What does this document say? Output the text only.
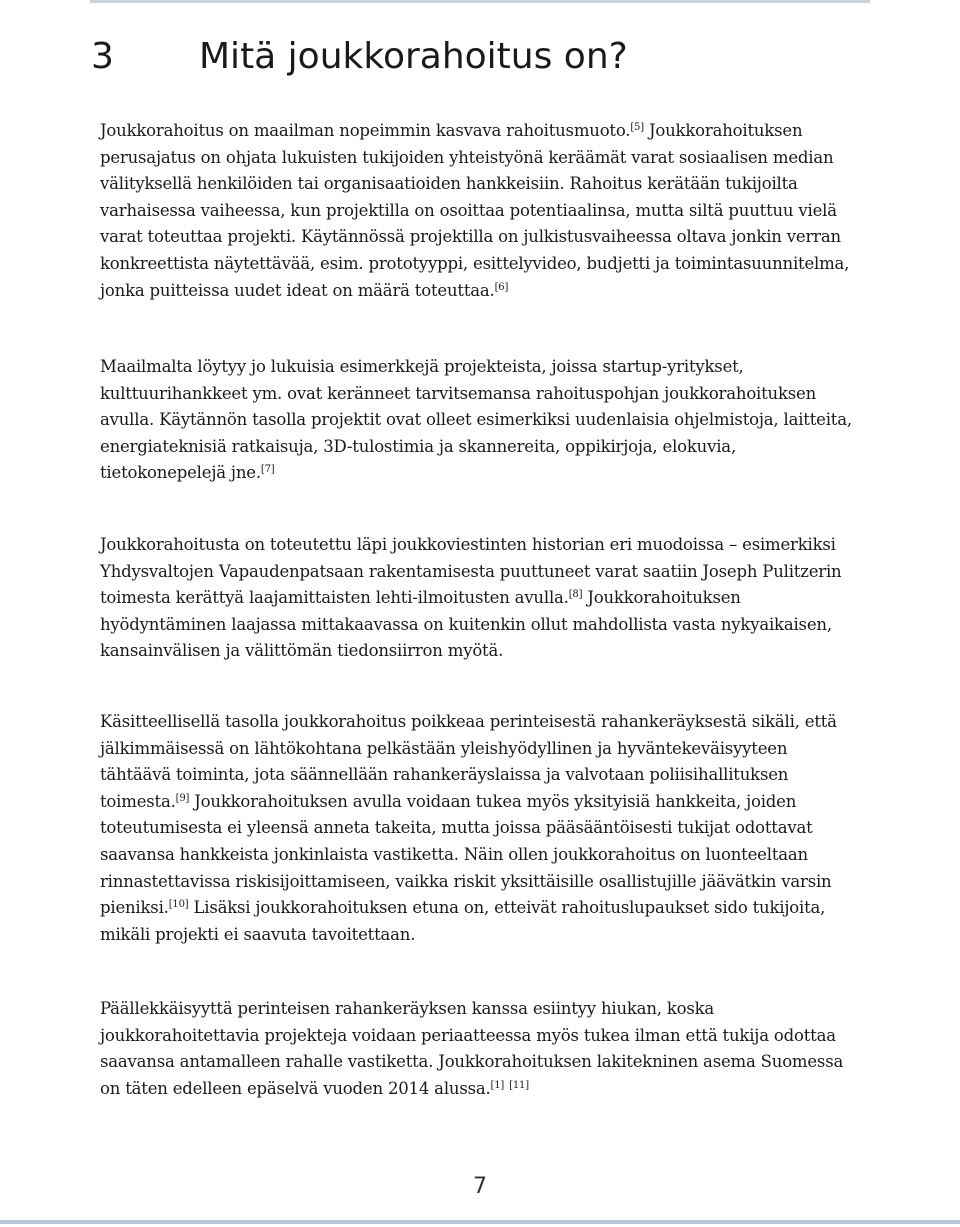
3 Mitä joukkorahoitus on?
Joukkorahoitus on maailman nopeimmin kasvava rahoitusmuoto.[5] Joukkorahoituksen
perusajatus on ohjata lukuisten tukijoiden yhteistyönä keräämät varat sosiaalisen median
välityksellä henkilöiden tai organisaatioiden hankkeisiin. Rahoitus kerätään tukijoilta
varhaisessa vaiheessa, kun projektilla on osoittaa potentiaalinsa, mutta siltä puuttuu vielä
varat toteuttaa projekti. Käytännössä projektilla on julkistusvaiheessa oltava jonkin verran
konkreettista näytettävää, esim. prototyyppi, esittelyvideo, budjetti ja toimintasuunnitelma,
jonka puitteissa uudet ideat on määrä toteuttaa.[6]
Maailmalta löytyy jo lukuisia esimerkkejä projekteista, joissa startup-yritykset,
kulttuurihankkeet ym. ovat keränneet tarvitsemansa rahoituspohjan joukkorahoituksen
avulla. Käytännön tasolla projektit ovat olleet esimerkiksi uudenlaisia ohjelmistoja, laitteita,
energiateknisiä ratkaisuja, 3D-tulostimia ja skannereita, oppikirjoja, elokuvia,
tietokonepelejä jne.[7]
Joukkorahoitusta on toteutettu läpi joukkoviestinten historian eri muodoissa – esimerkiksi
Yhdysvaltojen Vapaudenpatsaan rakentamisesta puuttuneet varat saatiin Joseph Pulitzerin
toimesta kerättyä laajamittaisten lehti-ilmoitusten avulla.[8] Joukkorahoituksen
hyödyntäminen laajassa mittakaavassa on kuitenkin ollut mahdollista vasta nykyaikaisen,
kansainvälisen ja välittömän tiedonsiirron myötä.
Käsitteellisellä tasolla joukkorahoitus poikkeaa perinteisestä rahankeräyksestä sikäli, että
jälkimmäisessä on lähtökohtana pelkästään yleishyödyllinen ja hyväntekeväisyyteen
tähtäävä toiminta, jota säännellään rahankeräyslaissa ja valvotaan poliisihallituksen
toimesta.[9] Joukkorahoituksen avulla voidaan tukea myös yksityisiä hankkeita, joiden
toteutumisesta ei yleensä anneta takeita, mutta joissa pääsääntöisesti tukijat odottavat
saavansa hankkeista jonkinlaista vastiketta. Näin ollen joukkorahoitus on luonteeltaan
rinnastettavissa riskisijoittamiseen, vaikka riskit yksittäisille osallistujille jäävätkin varsin
pieniksi.[10] Lisäksi joukkorahoituksen etuna on, etteivät rahoituslupaukset sido tukijoita,
mikäli projekti ei saavuta tavoitettaan.
Päällekkäisyyttä perinteisen rahankeräyksen kanssa esiintyy hiukan, koska
joukkorahoitettavia projekteja voidaan periaatteessa myös tukea ilman että tukija odottaa
saavansa antamalleen rahalle vastiketta. Joukkorahoituksen lakitekninen asema Suomessa
on täten edelleen epäselvä vuoden 2014 alussa.[1] [11]
7
